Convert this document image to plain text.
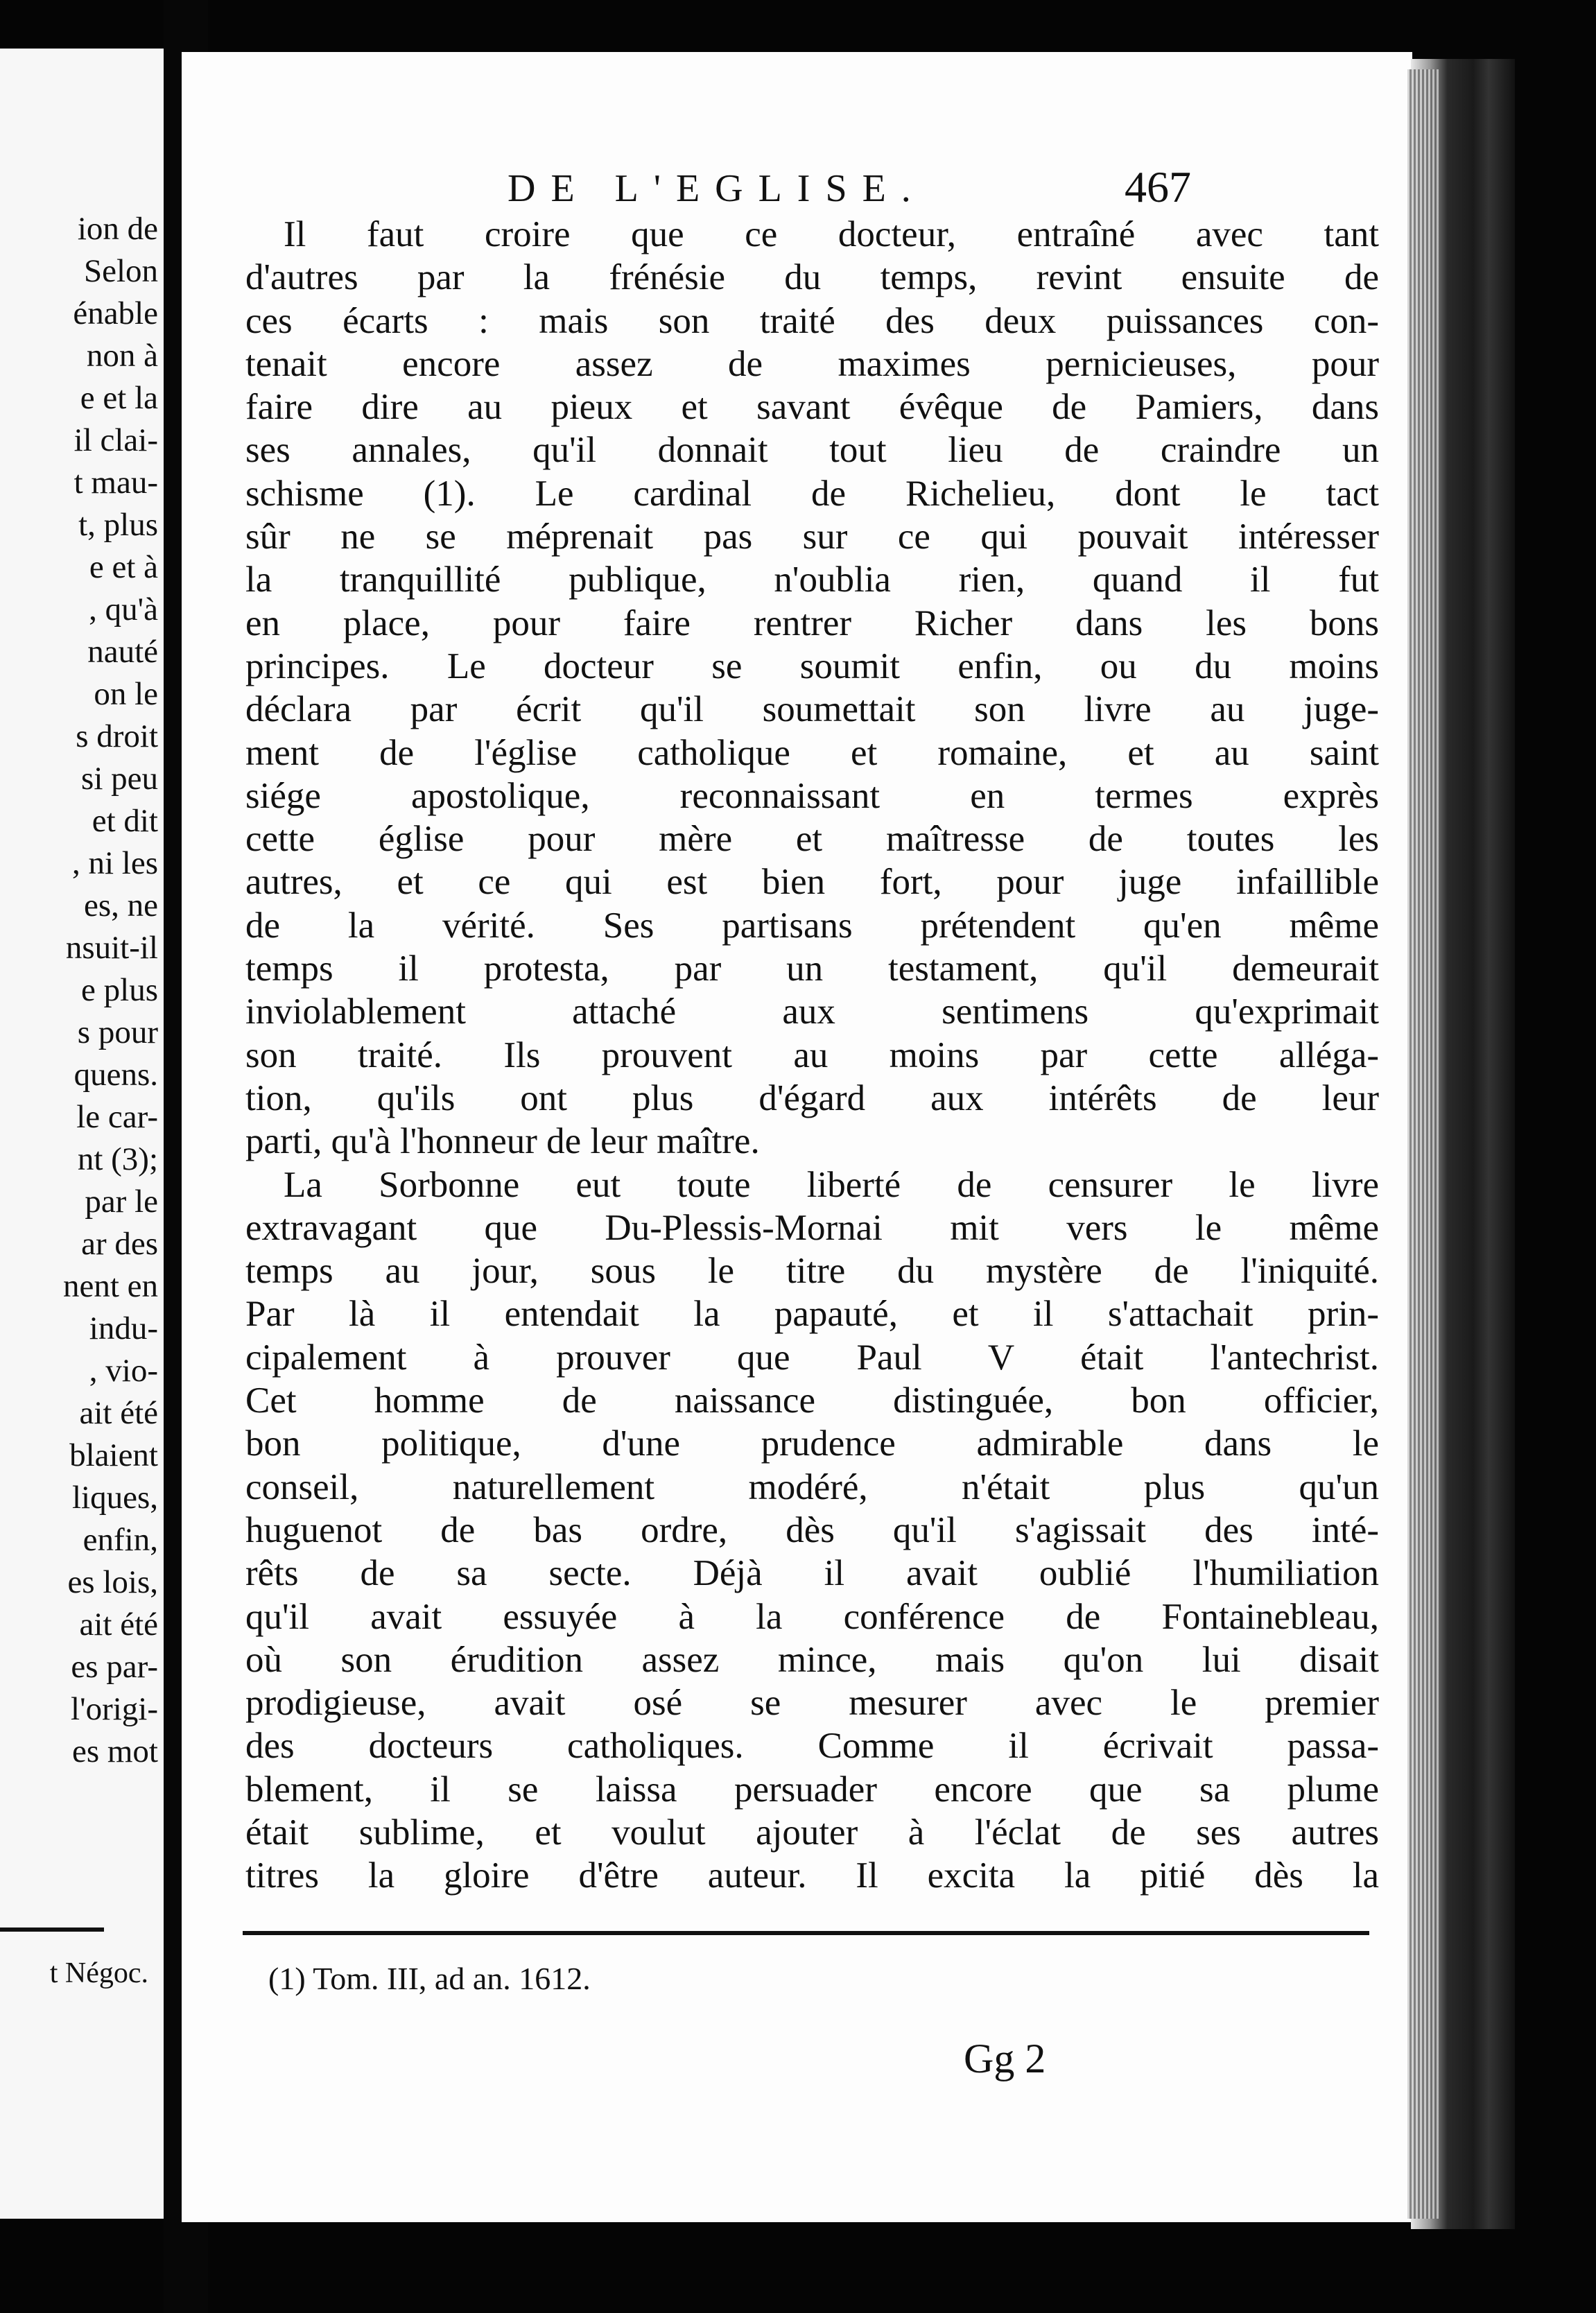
ion de
Selon
énable
non à
e et la
il clai-
t mau-
t, plus
e et à
, qu'à
nauté
on le
s droit
si peu
et dit
, ni les
es, ne
nsuit-il
e plus
s pour
quens.
le car-
nt (3);
par le
ar des
nent en
indu-
, vio-
ait été
blaient
liques,
enfin,
es lois,
ait été
es par-
l'origi-
es mot
t Négoc.
DE L'EGLISE.	467
Il faut croire que ce docteur, entraîné avec tant
d'autres par la frénésie du temps, revint ensuite de
ces écarts : mais son traité des deux puissances con-
tenait encore assez de maximes pernicieuses, pour
faire dire au pieux et savant évêque de Pamiers, dans
ses annales, qu'il donnait tout lieu de craindre un
schisme (1). Le cardinal de Richelieu, dont le tact
sûr ne se méprenait pas sur ce qui pouvait intéresser
la tranquillité publique, n'oublia rien, quand il fut
en place, pour faire rentrer Richer dans les bons
principes. Le docteur se soumit enfin, ou du moins
déclara par écrit qu'il soumettait son livre au juge-
ment de l'église catholique et romaine, et au saint
siége apostolique, reconnaissant en termes exprès
cette église pour mère et maîtresse de toutes les
autres, et ce qui est bien fort, pour juge infaillible
de la vérité. Ses partisans prétendent qu'en même
temps il protesta, par un testament, qu'il demeurait
inviolablement attaché aux sentimens qu'exprimait
son traité. Ils prouvent au moins par cette alléga-
tion, qu'ils ont plus d'égard aux intérêts de leur
parti, qu'à l'honneur de leur maître.
La Sorbonne eut toute liberté de censurer le livre
extravagant que Du-Plessis-Mornai mit vers le même
temps au jour, sous le titre du mystère de l'iniquité.
Par là il entendait la papauté, et il s'attachait prin-
cipalement à prouver que Paul V était l'antechrist.
Cet homme de naissance distinguée, bon officier,
bon politique, d'une prudence admirable dans le
conseil, naturellement modéré, n'était plus qu'un
huguenot de bas ordre, dès qu'il s'agissait des inté-
rêts de sa secte. Déjà il avait oublié l'humiliation
qu'il avait essuyée à la conférence de Fontainebleau,
où son érudition assez mince, mais qu'on lui disait
prodigieuse, avait osé se mesurer avec le premier
des docteurs catholiques. Comme il écrivait passa-
blement, il se laissa persuader encore que sa plume
était sublime, et voulut ajouter à l'éclat de ses autres
titres la gloire d'être auteur. Il excita la pitié dès la
(1) Tom. III, ad an. 1612.
Gg 2
